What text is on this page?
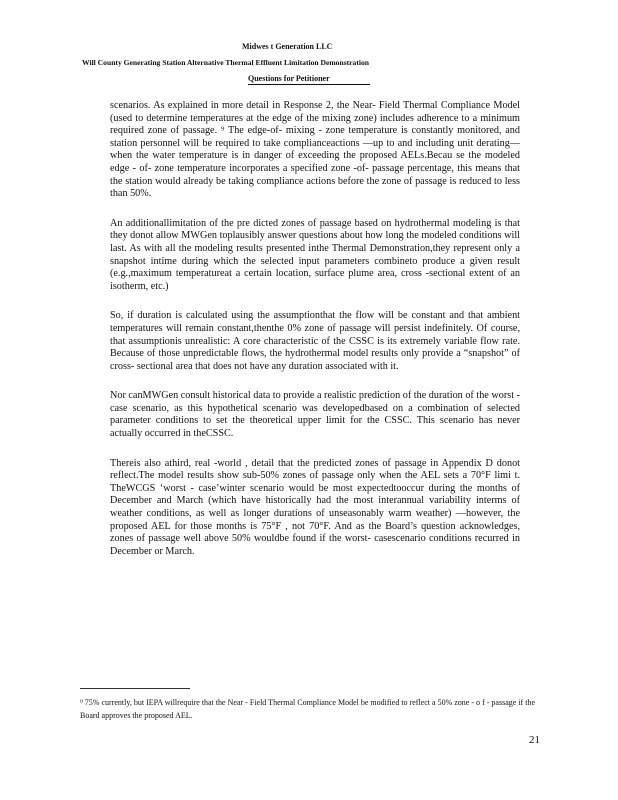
Midwes t Generation LLC
Will County Generating Station Alternative Thermal Effluent Limitation Demonstration
Questions for Petitioner

scenarios. As explained in more detail in Response 2, the Near- Field Thermal Compliance Model (used to determine temperatures at the edge of the mixing zone) includes adherence to a minimum required zone of passage. ⁹ The edge-of- mixing - zone temperature is constantly monitored, and station personnel will be required to take complianceactions —up to and including unit derating— when the water temperature is in danger of exceeding the proposed AELs.Becau se the modeled edge - of- zone temperature incorporates a specified zone -of- passage percentage, this means that the station would already be taking compliance actions before the zone of passage is reduced to less than 50%.

An additionallimitation of the pre dicted zones of passage based on hydrothermal modeling is that they donot allow MWGen toplausibly answer questions about how long the modeled conditions will last. As with all the modeling results presented inthe Thermal Demonstration,they represent only a snapshot intime during which the selected input parameters combineto produce a given result (e.g.,maximum temperatureat a certain location, surface plume area, cross -sectional extent of an isotherm, etc.)

So, if duration is calculated using the assumptionthat the flow will be constant and that ambient temperatures will remain constant,thenthe 0% zone of passage will persist indefinitely. Of course, that assumptionis unrealistic: A core characteristic of the CSSC is its extremely variable flow rate. Because of those unpredictable flows, the hydrothermal model results only provide a “snapshot” of cross- sectional area that does not have any duration associated with it.

Nor canMWGen consult historical data to provide a realistic prediction of the duration of the worst -case scenario, as this hypothetical scenario was developedbased on a combination of selected parameter conditions to set the theoretical upper limit for the CSSC. This scenario has never actually occurred in theCSSC.

Thereis also athird, real -world , detail that the predicted zones of passage in Appendix D donot reflect.The model results show sub-50% zones of passage only when the AEL sets a 70°F limi t. TheWCGS ‘worst - case’winter scenario would be most expectedtooccur during the months of December and March (which have historically had the most interannual variability interms of weather conditions, as well as longer durations of unseasonably warm weather) —however, the proposed AEL for those months is 75°F , not 70°F. And as the Board’s question acknowledges, zones of passage well above 50% wouldbe found if the worst- casescenario conditions recurred in December or March.

⁹ 75% currently, but IEPA willrequire that the Near - Field Thermal Compliance Model be modified to reflect a 50% zone - o f - passage if the Board approves the proposed AEL.
21
